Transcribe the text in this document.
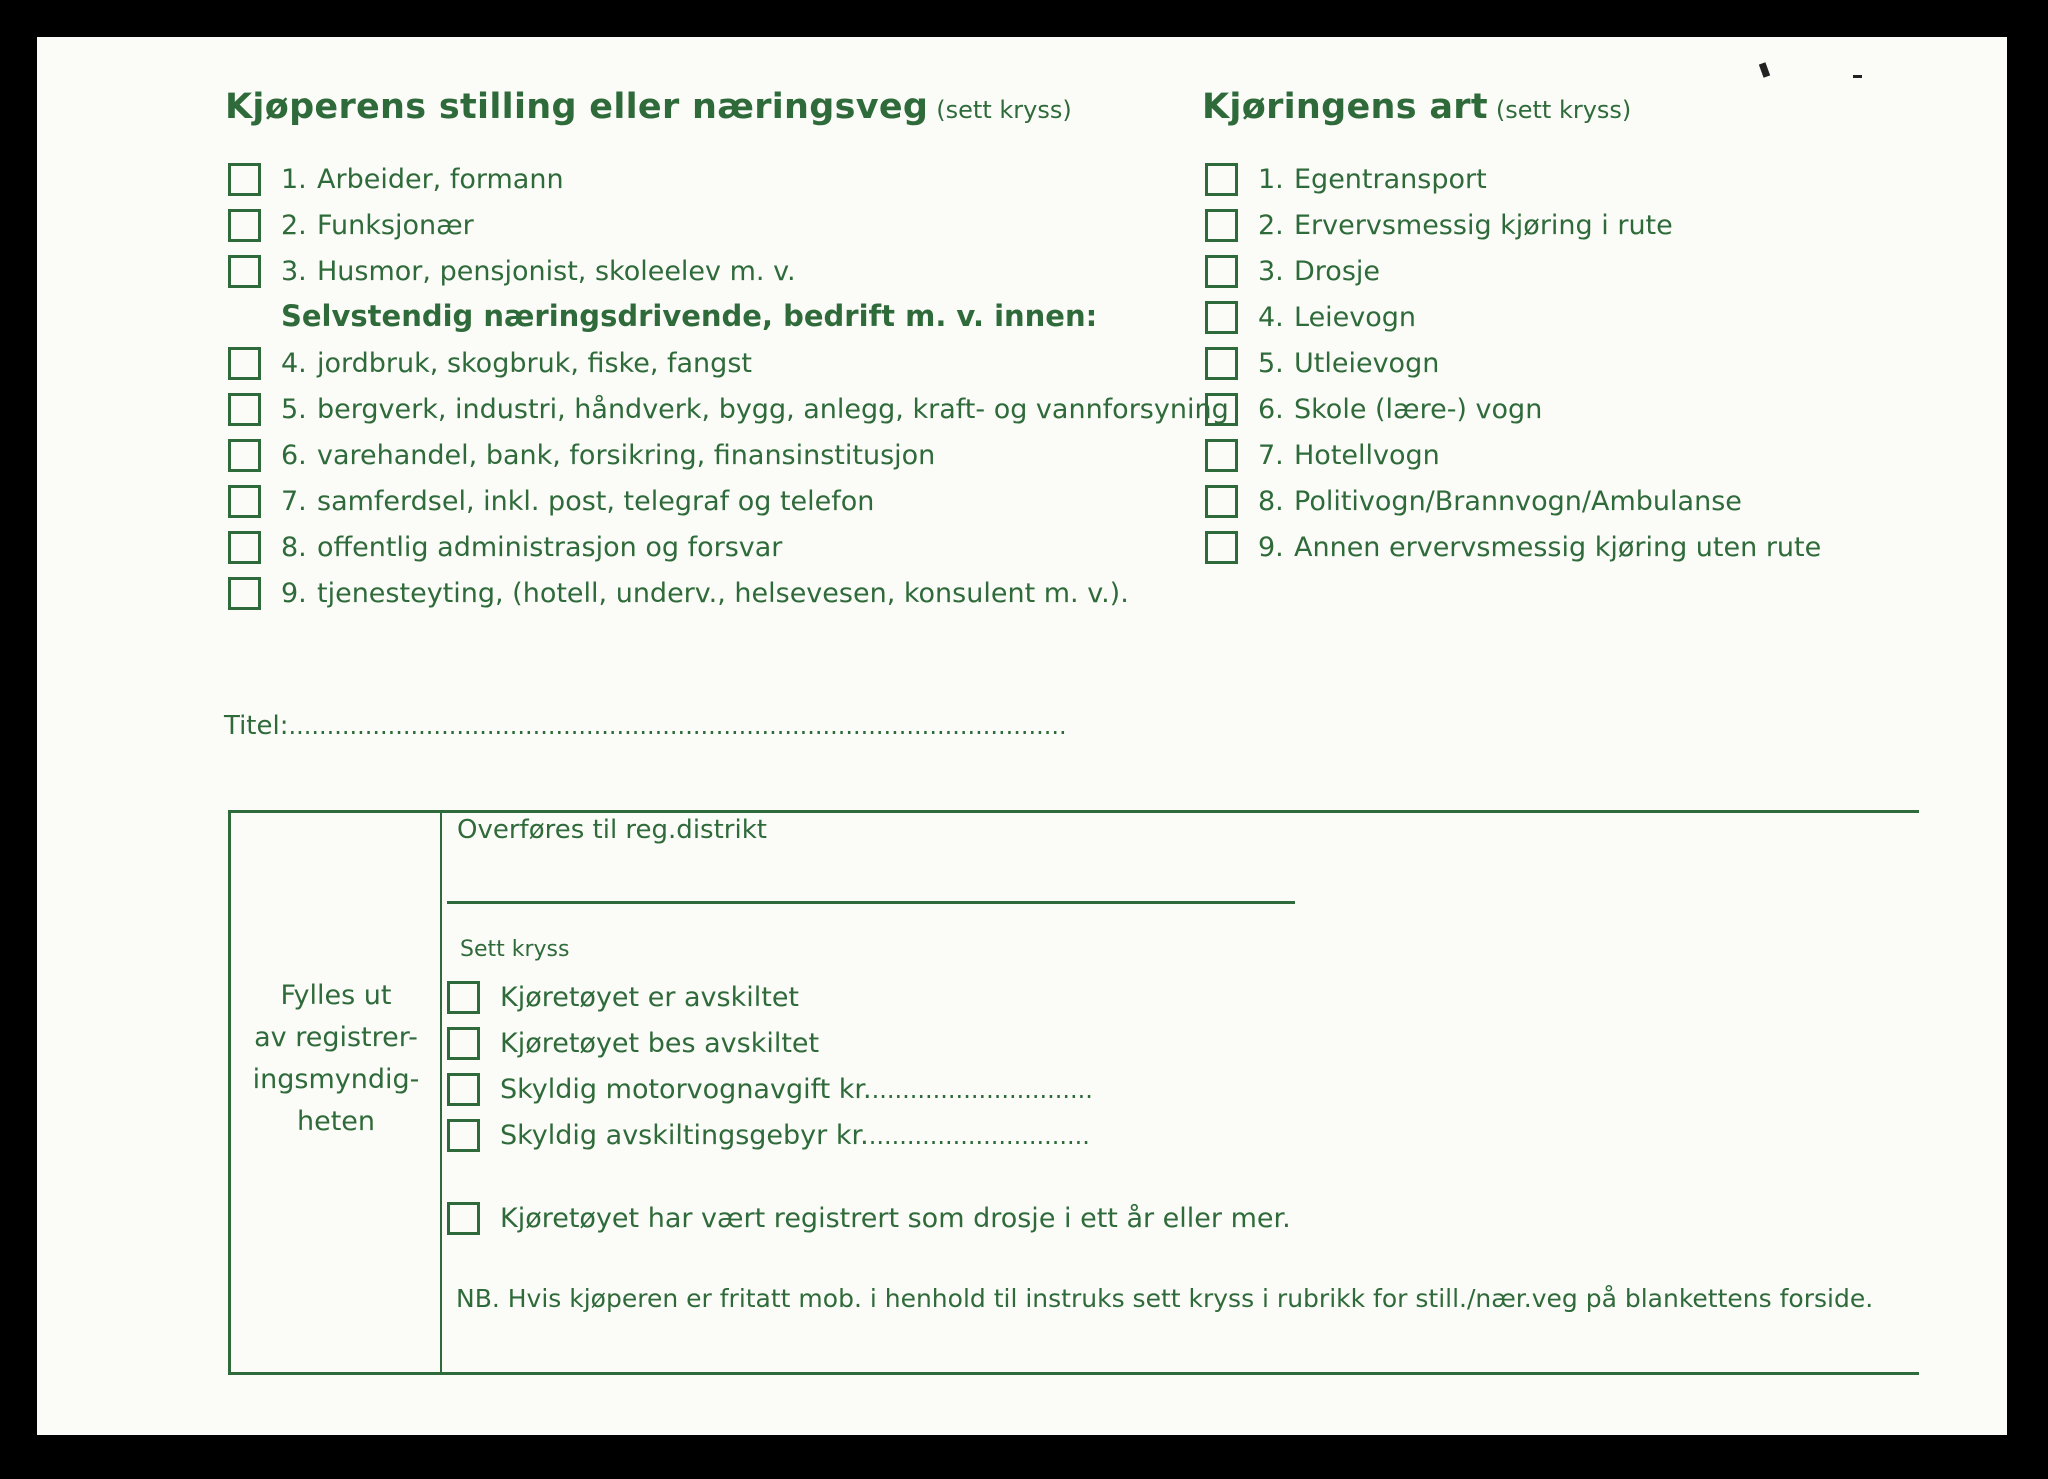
Kjøperens stilling eller næringsveg (sett kryss)	Kjøringens art (sett kryss)
1. Arbeider, formann
2. Funksjonær
3. Husmor, pensjonist, skoleelev m. v.
Selvstendig næringsdrivende, bedrift m. v. innen:
4. jordbruk, skogbruk, fiske, fangst
5. bergverk, industri, håndverk, bygg, anlegg, kraft- og vannforsyning
6. varehandel, bank, forsikring, finansinstitusjon
7. samferdsel, inkl. post, telegraf og telefon
8. offentlig administrasjon og forsvar
9. tjenesteyting, (hotell, underv., helsevesen, konsulent m. v.).
1. Egentransport
2. Ervervsmessig kjøring i rute
3. Drosje
4. Leievogn
5. Utleievogn
6. Skole (lære-) vogn
7. Hotellvogn
8. Politivogn/Brannvogn/Ambulanse
9. Annen ervervsmessig kjøring uten rute
Titel:......................................................................................................
Fylles ut
av registrer-
ingsmyndig-
heten
Overføres til reg.distrikt
Sett kryss
Kjøretøyet er avskiltet
Kjøretøyet bes avskiltet
Skyldig motorvognavgift kr..............................
Skyldig avskiltingsgebyr kr..............................
Kjøretøyet har vært registrert som drosje i ett år eller mer.
NB. Hvis kjøperen er fritatt mob. i henhold til instruks sett kryss i rubrikk for still./nær.veg på blankettens forside.
